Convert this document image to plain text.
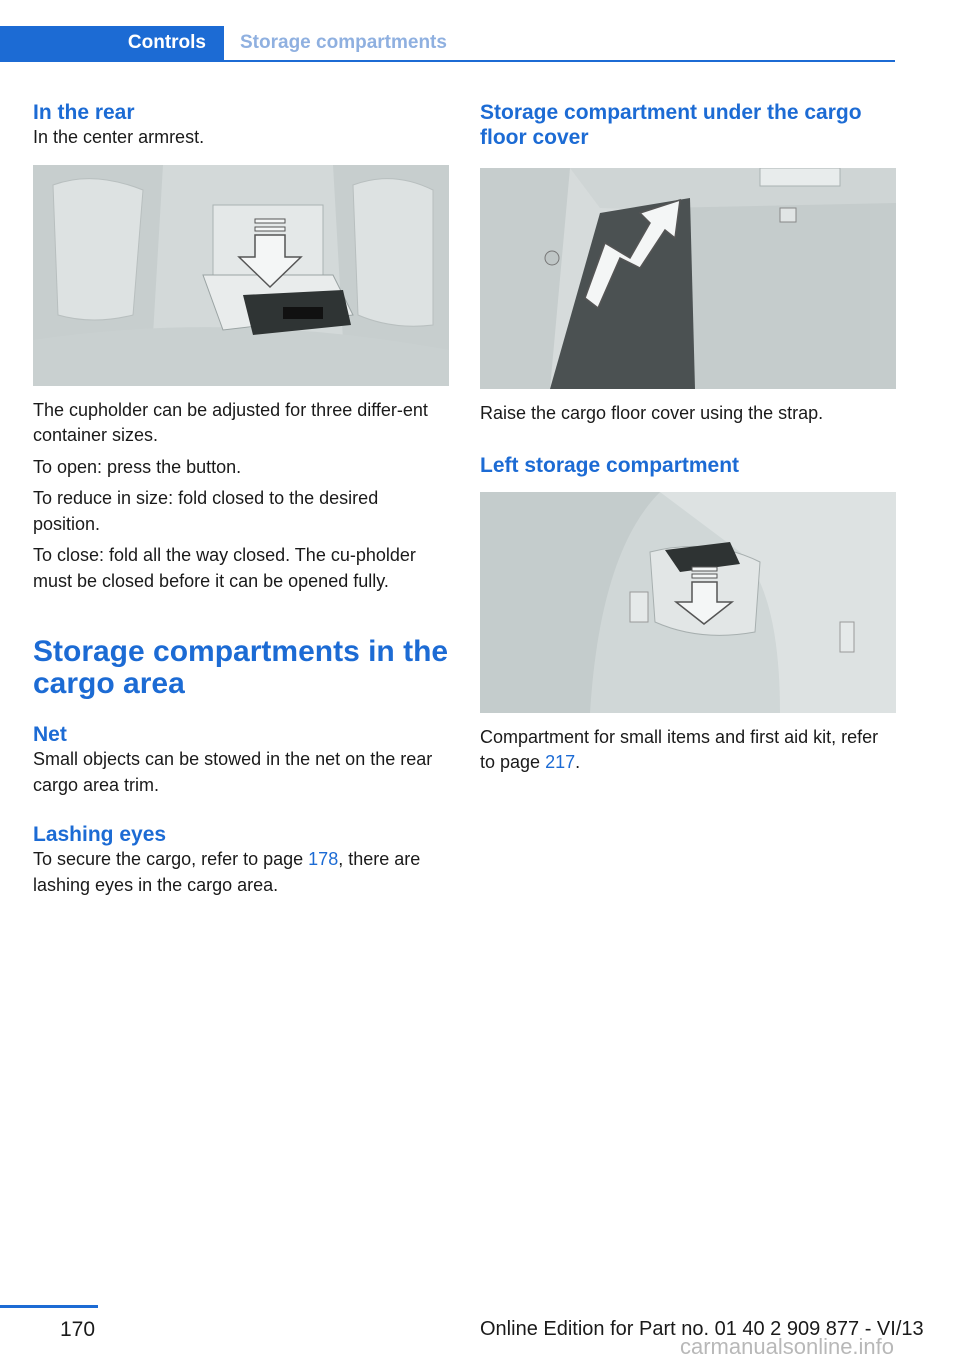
Controls	Storage compartments
In the rear

In the center armrest.

The cupholder can be adjusted for three differ‐ent container sizes.

To open: press the button.

To reduce in size: fold closed to the desired position.

To close: fold all the way closed. The cu‐pholder must be closed before it can be opened fully.

Storage compartments in the cargo area
Net

Small objects can be stowed in the net on the rear cargo area trim.

Lashing eyes

To secure the cargo, refer to page 178, there are lashing eyes in the cargo area.

Storage compartment under the cargo floor cover

Raise the cargo floor cover using the strap.

Left storage compartment

Compartment for small items and first aid kit, refer to page 217.

170	Online Edition for Part no. 01 40 2 909 877 - VI/13
carmanualsonline.info
